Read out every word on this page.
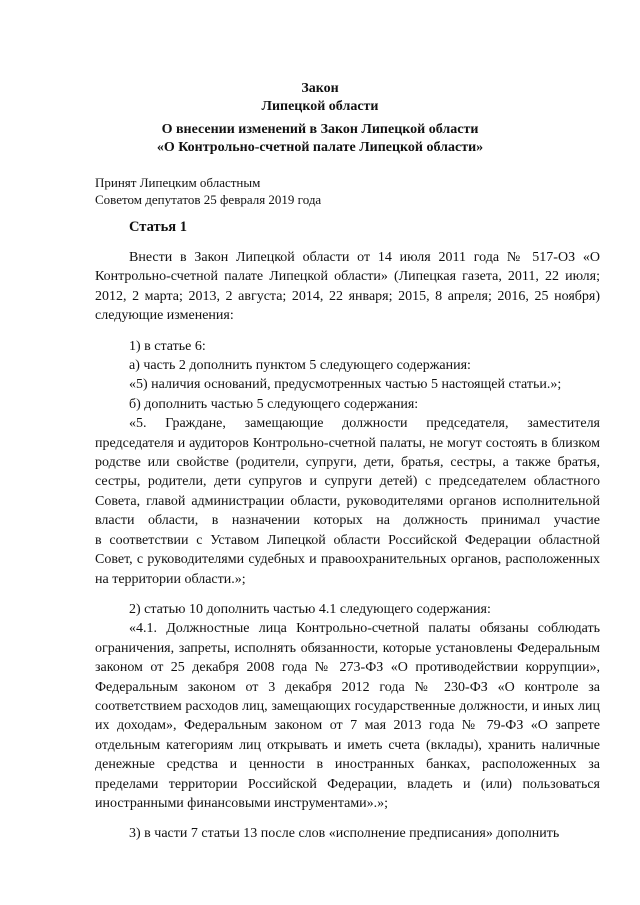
Закон
Липецкой области
О внесении изменений в Закон Липецкой области
«О Контрольно-счетной палате Липецкой области»
Принят Липецким областным
Советом депутатов 25 февраля 2019 года
Статья 1

Внести в Закон Липецкой области от 14 июля 2011 года № 517-ОЗ «О Контрольно-счетной палате Липецкой области» (Липецкая газета, 2011, 22 июля; 2012, 2 марта; 2013, 2 августа; 2014, 22 января; 2015, 8 апреля; 2016, 25 ноября) следующие изменения:

1) в статье 6:

а) часть 2 дополнить пунктом 5 следующего содержания:

«5) наличия оснований, предусмотренных частью 5 настоящей статьи.»;

б) дополнить частью 5 следующего содержания:

«5. Граждане, замещающие должности председателя, заместителя председателя и аудиторов Контрольно-счетной палаты, не могут состоять в близком родстве или свойстве (родители, супруги, дети, братья, сестры, а также братья, сестры, родители, дети супругов и супруги детей) с председателем областного Совета, главой администрации области, руководителями органов исполнительной власти области, в назначении которых на должность принимал участие

в соответствии с Уставом Липецкой области Российской Федерации областной Совет, с руководителями судебных и правоохранительных органов, расположенных на территории области.»;

2) статью 10 дополнить частью 4.1 следующего содержания:

«4.1. Должностные лица Контрольно-счетной палаты обязаны соблюдать ограничения, запреты, исполнять обязанности, которые установлены Федеральным законом от 25 декабря 2008 года № 273-ФЗ «О противодействии коррупции», Федеральным законом от 3 декабря 2012 года № 230-ФЗ «О контроле за соответствием расходов лиц, замещающих государственные должности, и иных лиц их доходам», Федеральным законом от 7 мая 2013 года № 79-ФЗ «О запрете отдельным категориям лиц открывать и иметь счета (вклады), хранить наличные денежные средства и ценности в иностранных банках, расположенных за пределами территории Российской Федерации, владеть и (или) пользоваться иностранными финансовыми инструментами».»;

3) в части 7 статьи 13 после слов «исполнение предписания» дополнить
